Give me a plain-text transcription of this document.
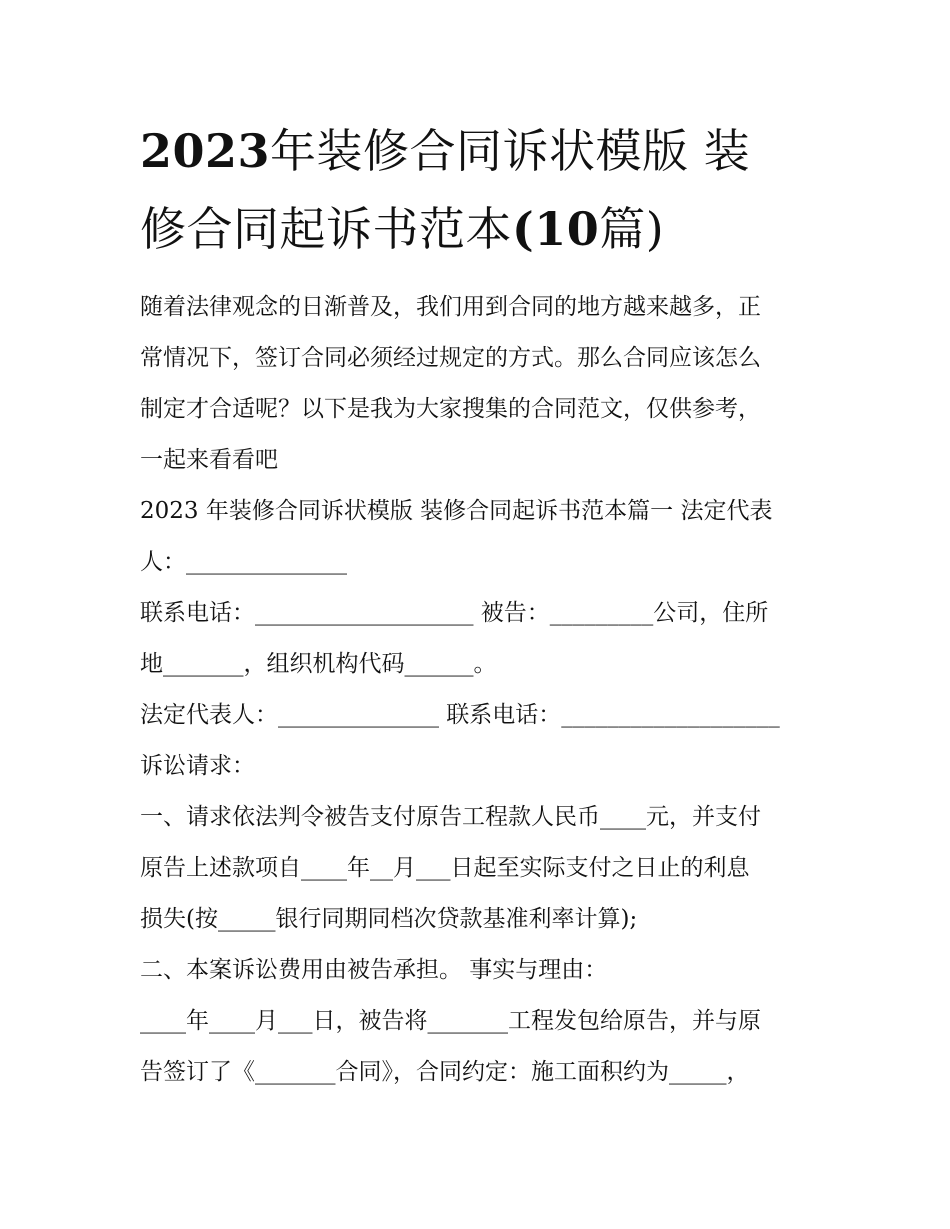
2023年装修合同诉状模版 装
修合同起诉书范本(10篇)

随着法律观念的日渐普及，我们用到合同的地方越来越多，正

常情况下，签订合同必须经过规定的方式。那么合同应该怎么

制定才合适呢？以下是我为大家搜集的合同范文，仅供参考，

一起来看看吧

2023 年装修合同诉状模版 装修合同起诉书范本篇一 法定代表

人：______________

联系电话：___________________ 被告：_________公司，住所

地_______，组织机构代码______。

法定代表人：______________ 联系电话：___________________

诉讼请求：

一、请求依法判令被告支付原告工程款人民币____元，并支付

原告上述款项自____年__月___日起至实际支付之日止的利息

损失(按_____银行同期同档次贷款基准利率计算);

二、本案诉讼费用由被告承担。 事实与理由：

____年____月___日，被告将_______工程发包给原告，并与原

告签订了《_______合同》，合同约定：施工面积约为_____，
